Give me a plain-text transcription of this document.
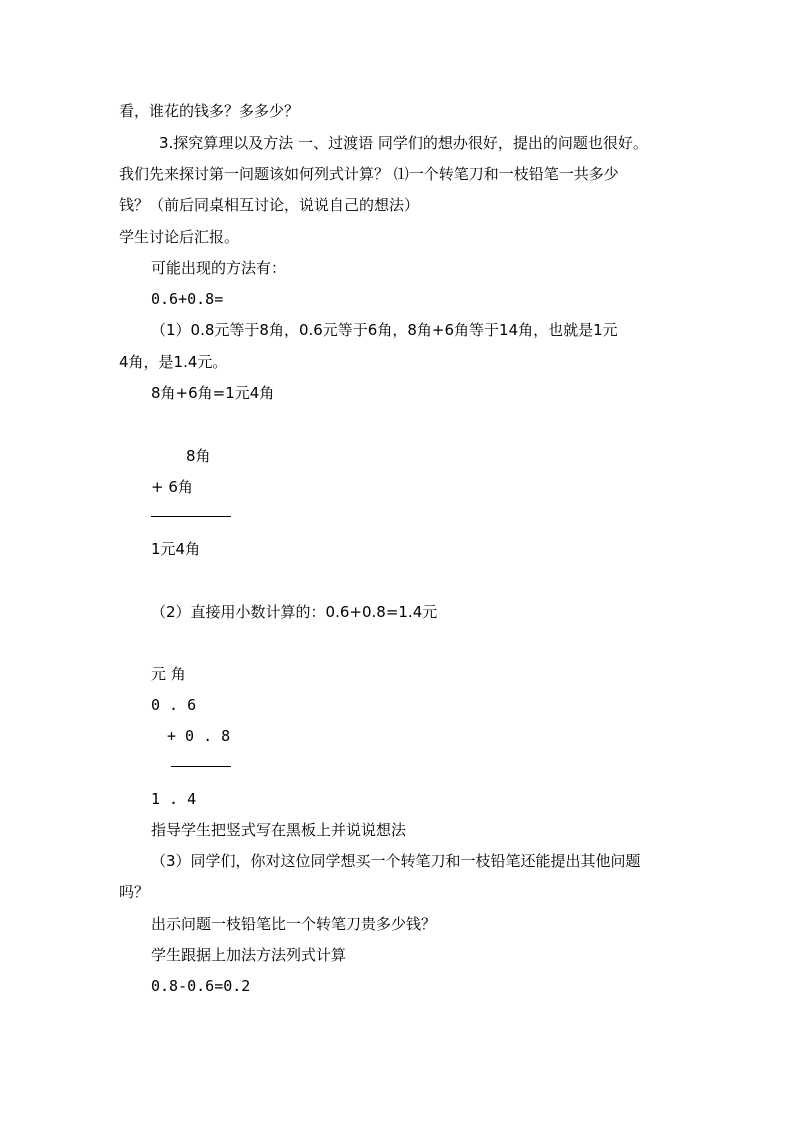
看，谁花的钱多？多多少？
3.探究算理以及方法 一、过渡语 同学们的想办很好，提出的问题也很好。
我们先来探讨第一问题该如何列式计算？ ⑴一个转笔刀和一枝铅笔一共多少
钱？（前后同桌相互讨论，说说自己的想法）
学生讨论后汇报。
可能出现的方法有：
0.6+0.8=
（1）0.8元等于8角，0.6元等于6角，8角+6角等于14角，也就是1元
4角，是1.4元。
8角+6角=1元4角
8角
+ 6角
1元4角
（2）直接用小数计算的：0.6+0.8=1.4元
元 角
0 . 6
+ 0 . 8
1 . 4
指导学生把竖式写在黑板上并说说想法
（3）同学们，你对这位同学想买一个转笔刀和一枝铅笔还能提出其他问题
吗？
出示问题一枝铅笔比一个转笔刀贵多少钱？
学生跟据上加法方法列式计算
0.8-0.6=0.2
